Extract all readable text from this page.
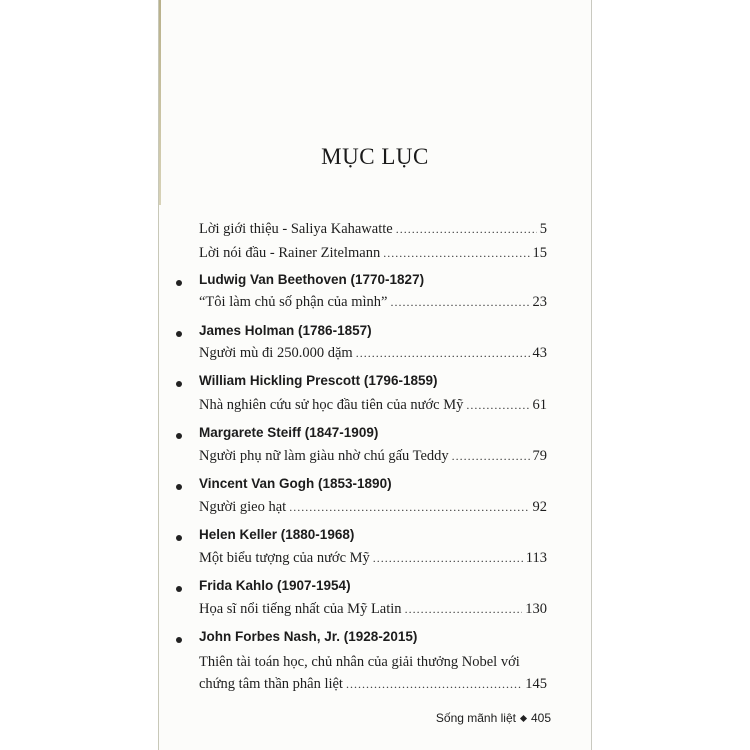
MỤC LỤC
Lời giới thiệu - Saliya Kahawatte .....	5
Lời nói đầu - Rainer Zitelmann .....	15
Ludwig Van Beethoven (1770-1827)
“Tôi làm chủ số phận của mình” .....	23
James Holman (1786-1857)
Người mù đi 250.000 dặm .....	43
William Hickling Prescott (1796-1859)
Nhà nghiên cứu sử học đầu tiên của nước Mỹ .....	61
Margarete Steiff (1847-1909)
Người phụ nữ làm giàu nhờ chú gấu Teddy .....	79
Vincent Van Gogh (1853-1890)
Người gieo hạt .....	92
Helen Keller (1880-1968)
Một biểu tượng của nước Mỹ .....	113
Frida Kahlo (1907-1954)
Họa sĩ nổi tiếng nhất của Mỹ Latin .....	130
John Forbes Nash, Jr. (1928-2015)
Thiên tài toán học, chủ nhân của giải thưởng Nobel với
chứng tâm thần phân liệt .....	145
Sống mãnh liệt 405
